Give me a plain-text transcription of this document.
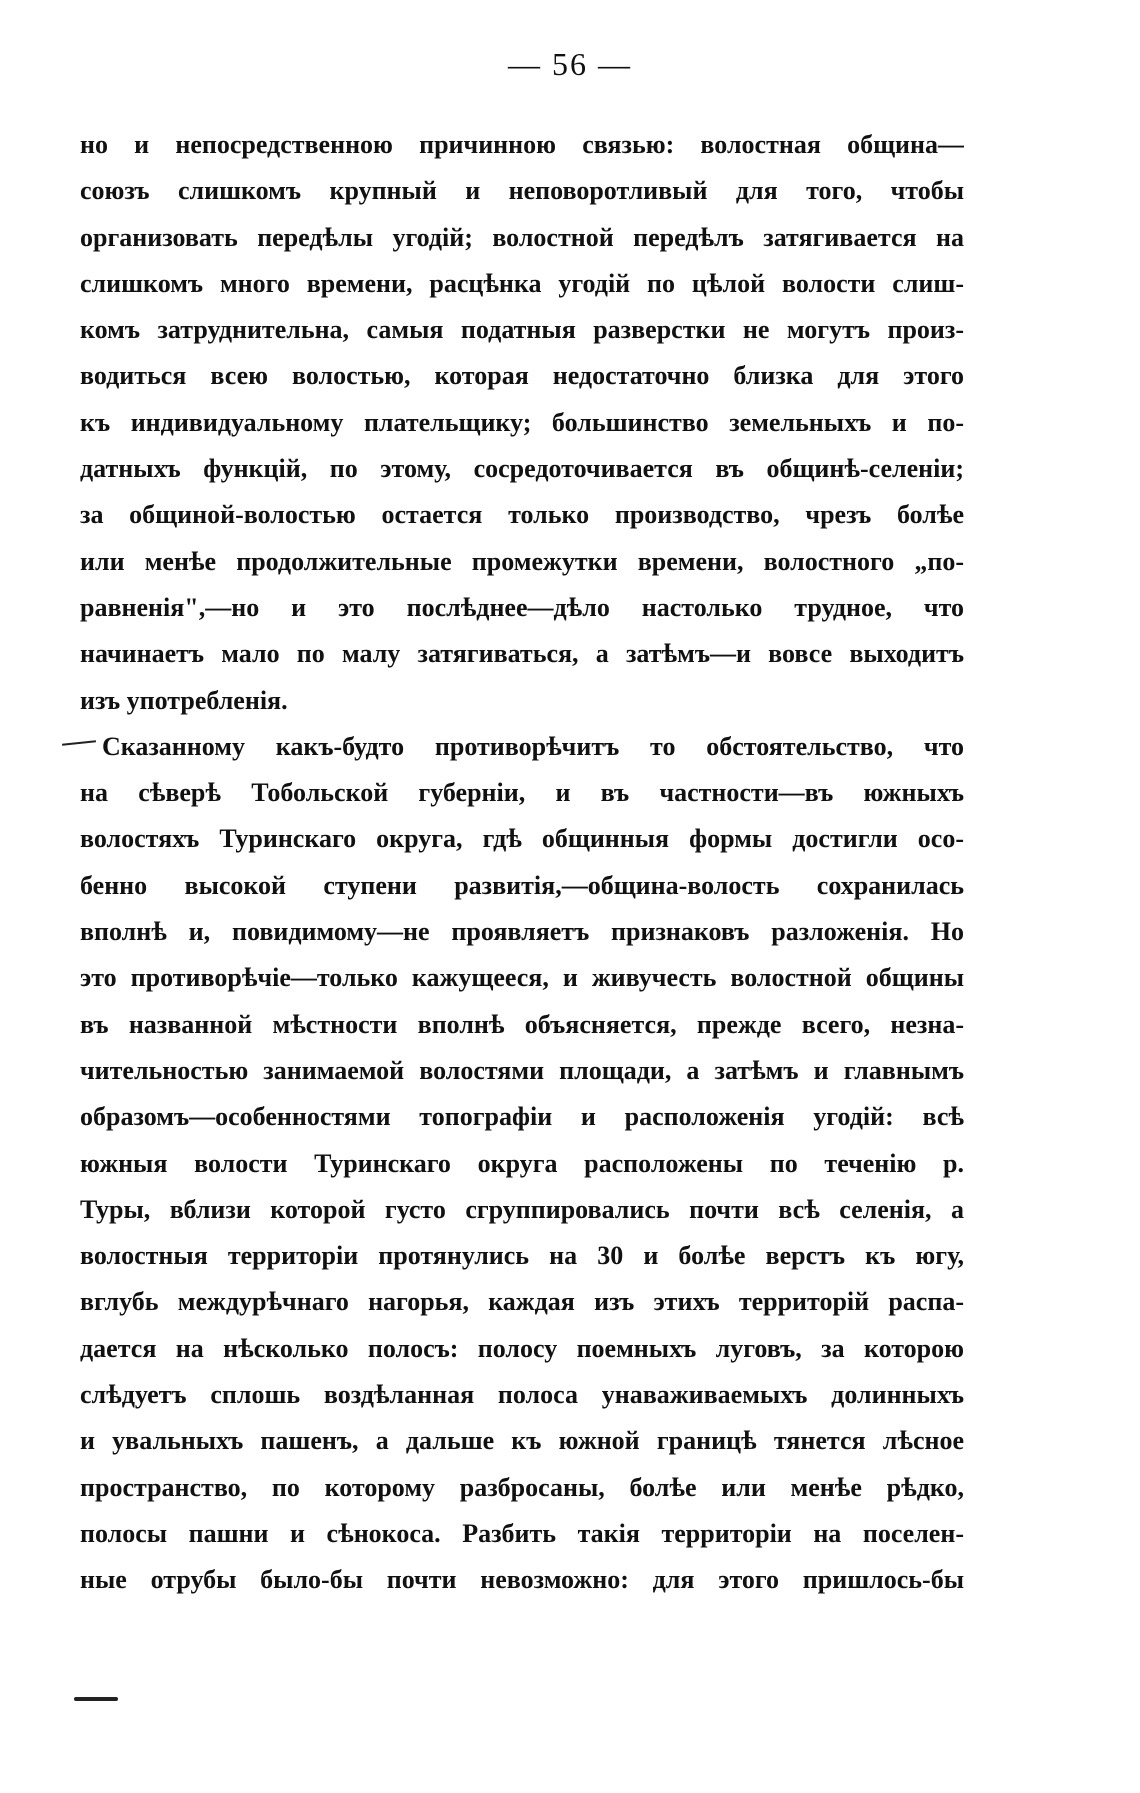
— 56 —
но и непосредственною причинною связью: волостная община—
союзъ слишкомъ крупный и неповоротливый для того, чтобы
организовать передѣлы угодій; волостной передѣлъ затягивается на
слишкомъ много времени, расцѣнка угодій по цѣлой волости слиш-
комъ затруднительна, самыя податныя разверстки не могутъ произ-
водиться всею волостью, которая недостаточно близка для этого
къ индивидуальному плательщику; большинство земельныхъ и по-
датныхъ функцій, по этому, сосредоточивается въ общинѣ-селеніи;
за общиной-волостью остается только производство, чрезъ болѣе
или менѣе продолжительные промежутки времени, волостного „по-
равненія",—но и это послѣднее—дѣло настолько трудное, что
начинаетъ мало по малу затягиваться, а затѣмъ—и вовсе выходитъ
изъ употребленія.
Сказанному какъ-будто противорѣчитъ то обстоятельство, что
на сѣверѣ Тобольской губерніи, и въ частности—въ южныхъ
волостяхъ Туринскаго округа, гдѣ общинныя формы достигли осо-
бенно высокой ступени развитія,—община-волость сохранилась
вполнѣ и, повидимому—не проявляетъ признаковъ разложенія. Но
это противорѣчіе—только кажущееся, и живучесть волостной общины
въ названной мѣстности вполнѣ объясняется, прежде всего, незна-
чительностью занимаемой волостями площади, а затѣмъ и главнымъ
образомъ—особенностями топографіи и расположенія угодій: всѣ
южныя волости Туринскаго округа расположены по теченію р.
Туры, вблизи которой густо сгруппировались почти всѣ селенія, а
волостныя территоріи протянулись на 30 и болѣе верстъ къ югу,
вглубь междурѣчнаго нагорья, каждая изъ этихъ территорій распа-
дается на нѣсколько полосъ: полосу поемныхъ луговъ, за которою
слѣдуетъ сплошь воздѣланная полоса унаваживаемыхъ долинныхъ
и увальныхъ пашенъ, а дальше къ южной границѣ тянется лѣсное
пространство, по которому разбросаны, болѣе или менѣе рѣдко,
полосы пашни и сѣнокоса. Разбить такія территоріи на поселен-
ные отрубы было-бы почти невозможно: для этого пришлось-бы
